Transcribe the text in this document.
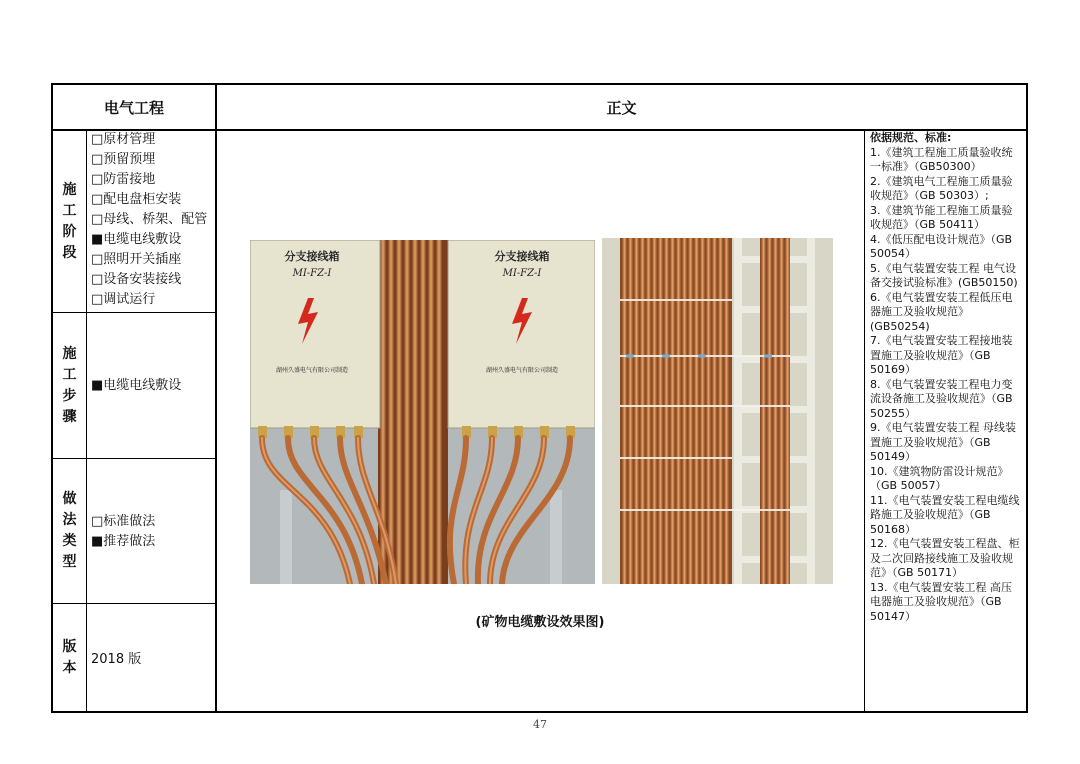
电气工程	正文
施
工
阶
段
□原材管理
□预留预埋
□防雷接地
□配电盘柜安装
□母线、桥架、配管
■电缆电线敷设
□照明开关插座
□设备安装接线
□调试运行
施
工
步
骤
■电缆电线敷设
做
法
类
型
□标准做法
■推荐做法
版
本 2018 版
分支接线箱
MI-FZ-I
湖州久盛电气有限公司制造
分支接线箱
MI-FZ-I
湖州久盛电气有限公司制造
(矿物电缆敷设效果图)
依据规范、标准:
1.《建筑工程施工质量验收统一标准》（GB50300）
2.《建筑电气工程施工质量验收规范》（GB 50303）;
3.《建筑节能工程施工质量验收规范》（GB 50411）
4.《低压配电设计规范》（GB 50054）
5.《电气装置安装工程 电气设备交接试验标准》(GB50150)
6.《电气装置安装工程低压电器施工及验收规范》(GB50254)
7.《电气装置安装工程接地装置施工及验收规范》（GB 50169）
8.《电气装置安装工程电力变流设备施工及验收规范》（GB 50255）
9.《电气装置安装工程 母线装置施工及验收规范》（GB 50149）
10.《建筑物防雷设计规范》（GB 50057）
11.《电气装置安装工程电缆线路施工及验收规范》（GB 50168）
12.《电气装置安装工程盘、柜及二次回路接线施工及验收规范》（GB 50171）
13.《电气装置安装工程 高压电器施工及验收规范》（GB 50147）
47
